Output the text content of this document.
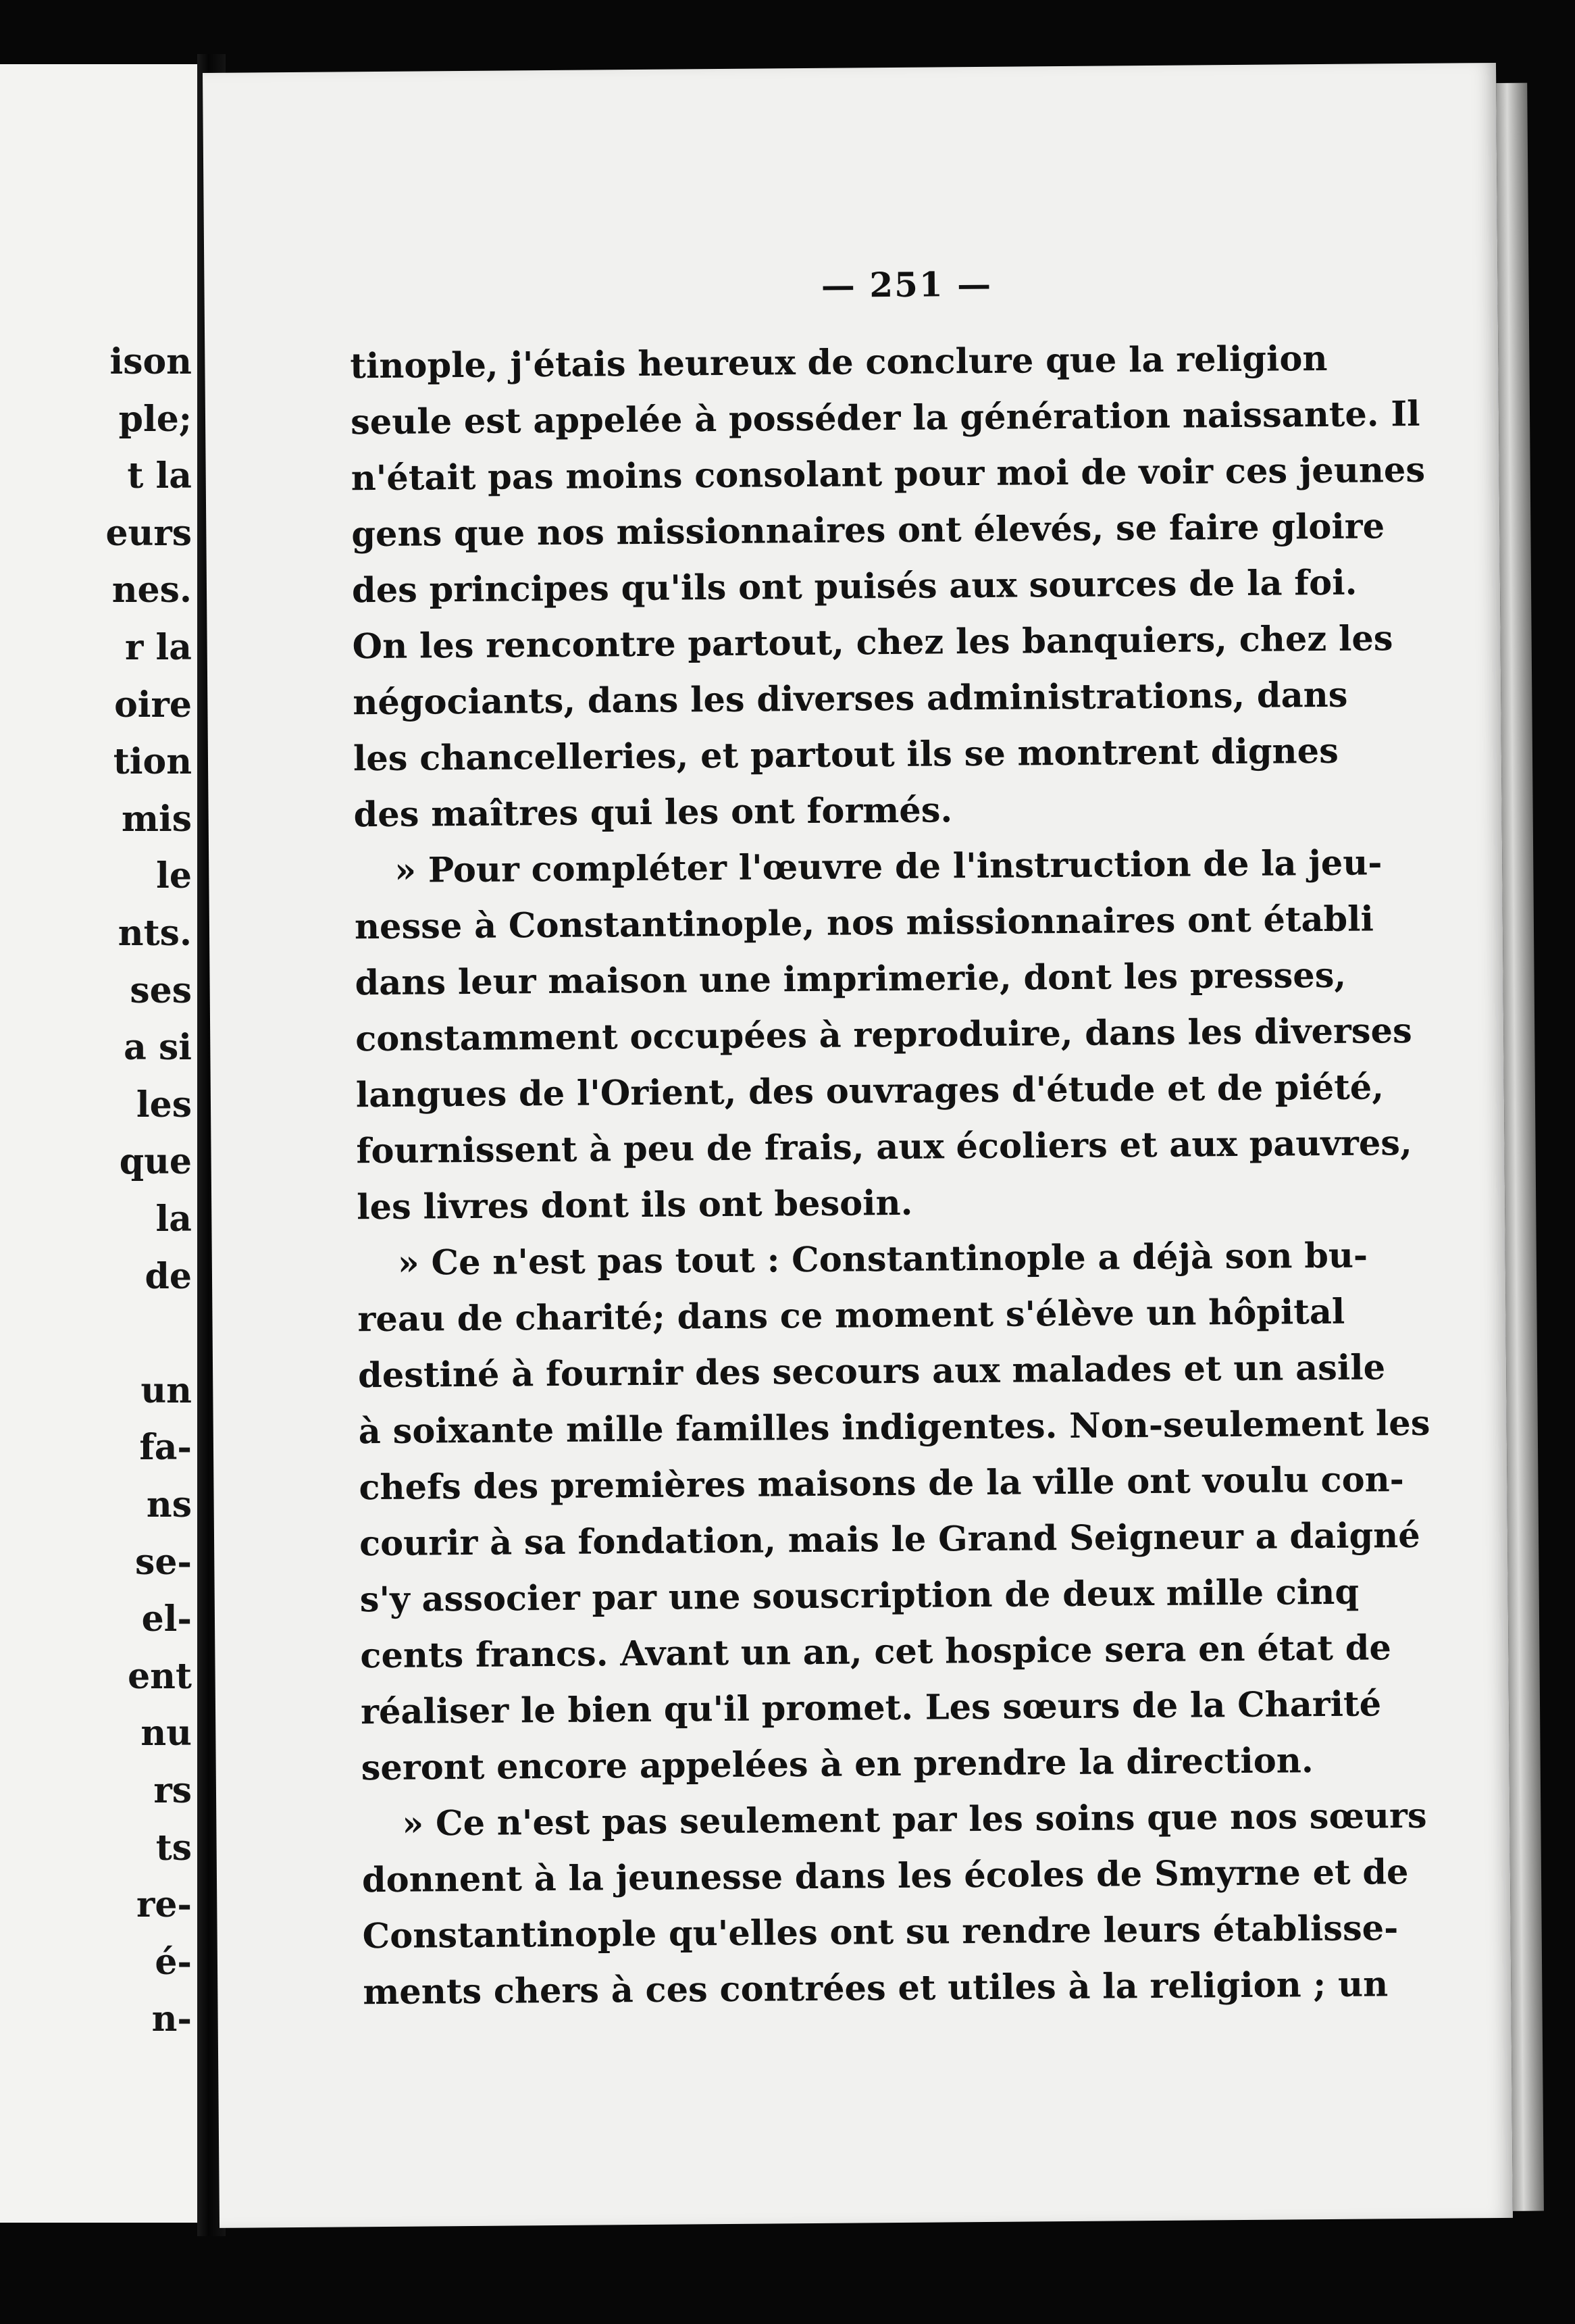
ison
ple;
t la
eurs
nes.
r la
oire
tion
mis
le
nts.
ses
a si
les
que
la
de
un
fa-
ns
se-
el-
ent
nu
rs
ts
re-
é-
n-
— 251 —
tinople, j'étais heureux de conclure que la religion
seule est appelée à posséder la génération naissante. Il
n'était pas moins consolant pour moi de voir ces jeunes
gens que nos missionnaires ont élevés, se faire gloire
des principes qu'ils ont puisés aux sources de la foi.
On les rencontre partout, chez les banquiers, chez les
négociants, dans les diverses administrations, dans
les chancelleries, et partout ils se montrent dignes
des maîtres qui les ont formés.
» Pour compléter l'œuvre de l'instruction de la jeu-
nesse à Constantinople, nos missionnaires ont établi
dans leur maison une imprimerie, dont les presses,
constamment occupées à reproduire, dans les diverses
langues de l'Orient, des ouvrages d'étude et de piété,
fournissent à peu de frais, aux écoliers et aux pauvres,
les livres dont ils ont besoin.
» Ce n'est pas tout : Constantinople a déjà son bu-
reau de charité; dans ce moment s'élève un hôpital
destiné à fournir des secours aux malades et un asile
à soixante mille familles indigentes. Non-seulement les
chefs des premières maisons de la ville ont voulu con-
courir à sa fondation, mais le Grand Seigneur a daigné
s'y associer par une souscription de deux mille cinq
cents francs. Avant un an, cet hospice sera en état de
réaliser le bien qu'il promet. Les sœurs de la Charité
seront encore appelées à en prendre la direction.
» Ce n'est pas seulement par les soins que nos sœurs
donnent à la jeunesse dans les écoles de Smyrne et de
Constantinople qu'elles ont su rendre leurs établisse-
ments chers à ces contrées et utiles à la religion ; un
